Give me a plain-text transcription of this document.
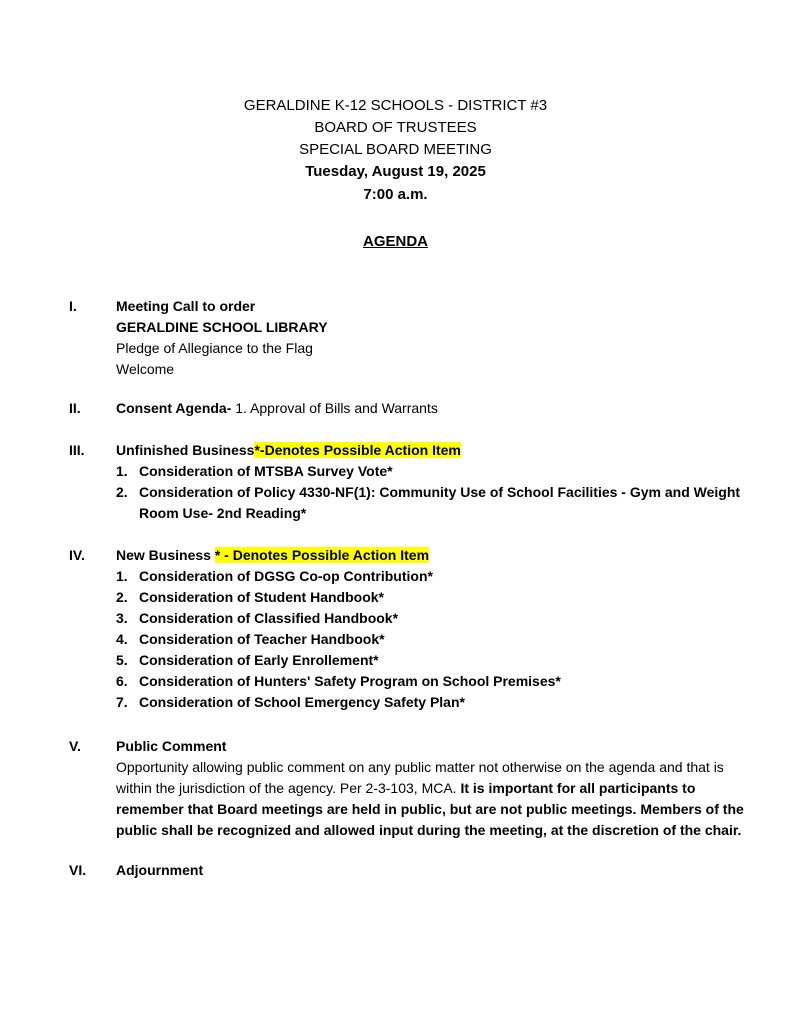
GERALDINE K-12 SCHOOLS - DISTRICT #3
BOARD OF TRUSTEES
SPECIAL BOARD MEETING
Tuesday, August 19, 2025
7:00 a.m.
AGENDA
I.	Meeting Call to order
GERALDINE SCHOOL LIBRARY
Pledge of Allegiance to the Flag
Welcome
II.	Consent Agenda- 1. Approval of Bills and Warrants
III.	Unfinished Business*-Denotes Possible Action Item
1. Consideration of MTSBA Survey Vote*
2. Consideration of Policy 4330-NF(1): Community Use of School Facilities - Gym and Weight Room Use- 2nd Reading*
IV.	New Business * - Denotes Possible Action Item
1. Consideration of DGSG Co-op Contribution*
2. Consideration of Student Handbook*
3. Consideration of Classified Handbook*
4. Consideration of Teacher Handbook*
5. Consideration of Early Enrollement*
6. Consideration of Hunters' Safety Program on School Premises*
7. Consideration of School Emergency Safety Plan*
V.	Public Comment
Opportunity allowing public comment on any public matter not otherwise on the agenda and that is within the jurisdiction of the agency. Per 2-3-103, MCA. It is important for all participants to remember that Board meetings are held in public, but are not public meetings. Members of the public shall be recognized and allowed input during the meeting, at the discretion of the chair.
VI.	Adjournment
